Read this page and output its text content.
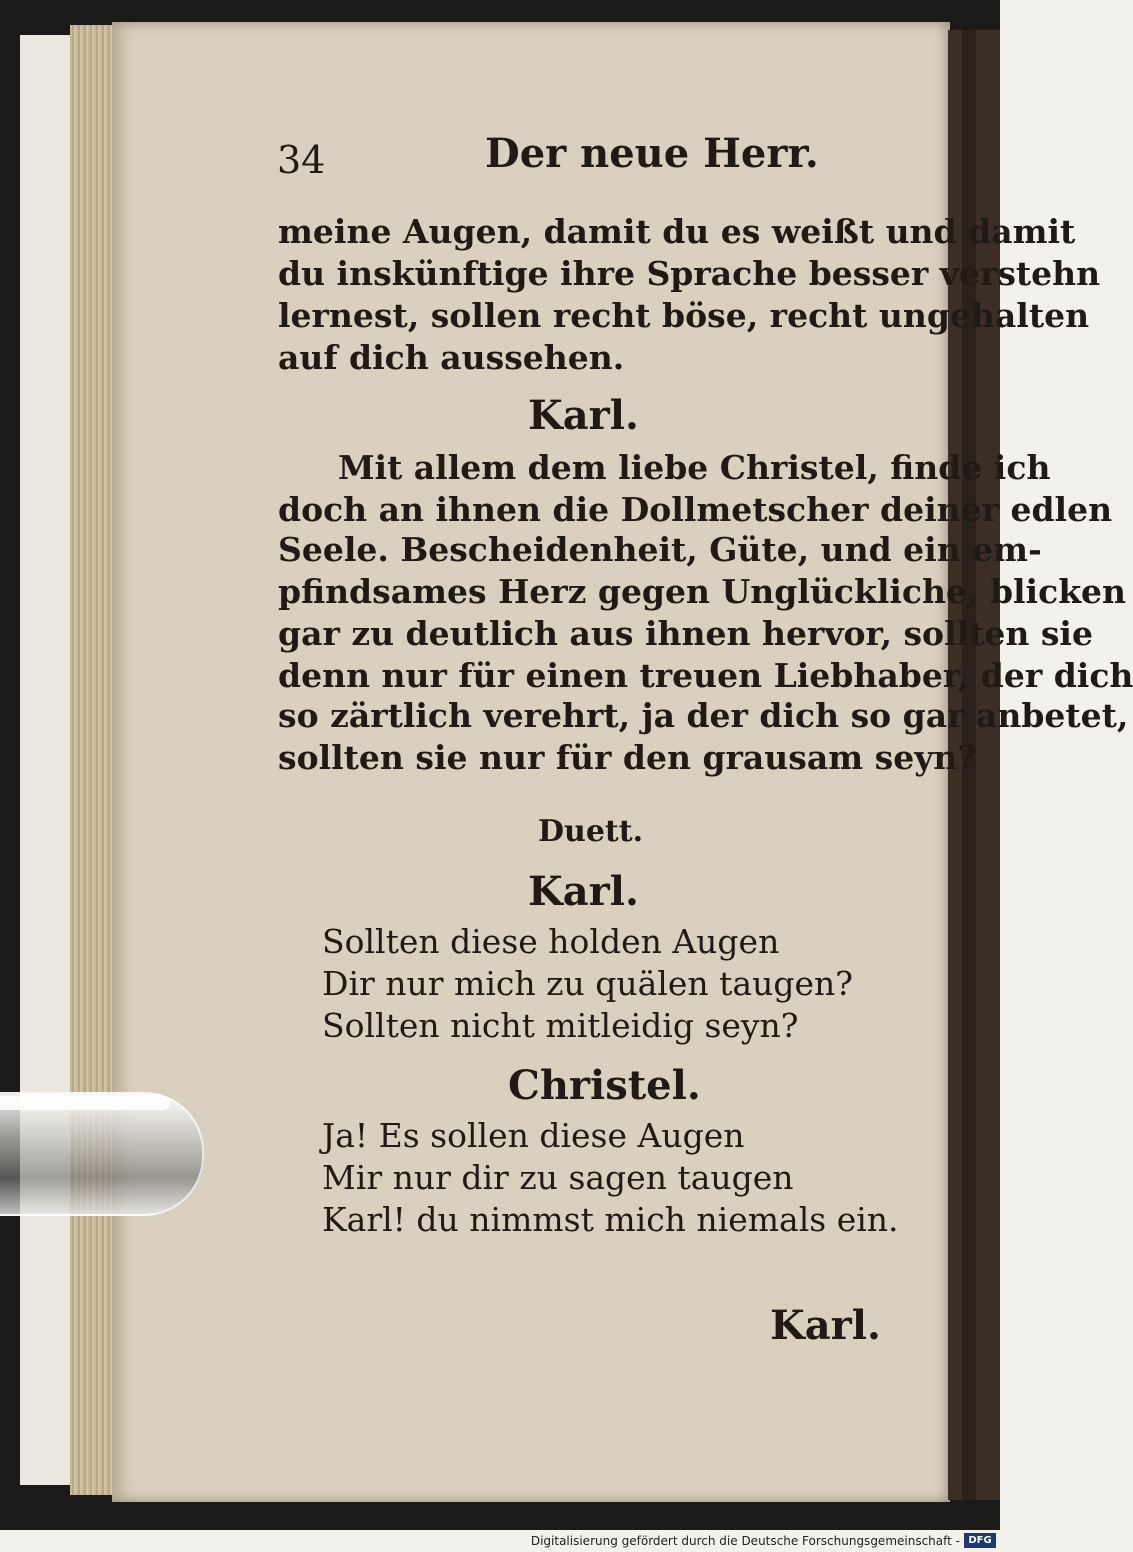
34	Der neue Herr.

meine Augen, damit du es weißt und damit

du inskünftige ihre Sprache besser verstehn

lernest, sollen recht böse, recht ungehalten

auf dich aussehen.

Karl.

Mit allem dem liebe Christel, finde ich

doch an ihnen die Dollmetscher deiner edlen

Seele. Bescheidenheit, Güte, und ein em-

pfindsames Herz gegen Unglückliche, blicken

gar zu deutlich aus ihnen hervor, sollten sie

denn nur für einen treuen Liebhaber, der dich

so zärtlich verehrt, ja der dich so gar anbetet,

sollten sie nur für den grausam seyn?

Duett.

Karl.

Sollten diese holden Augen

Dir nur mich zu quälen taugen?

Sollten nicht mitleidig seyn?

Christel.

Ja! Es sollen diese Augen

Mir nur dir zu sagen taugen

Karl! du nimmst mich niemals ein.

Karl.

Digitalisierung gefördert durch die Deutsche Forschungsgemeinschaft - DFG
